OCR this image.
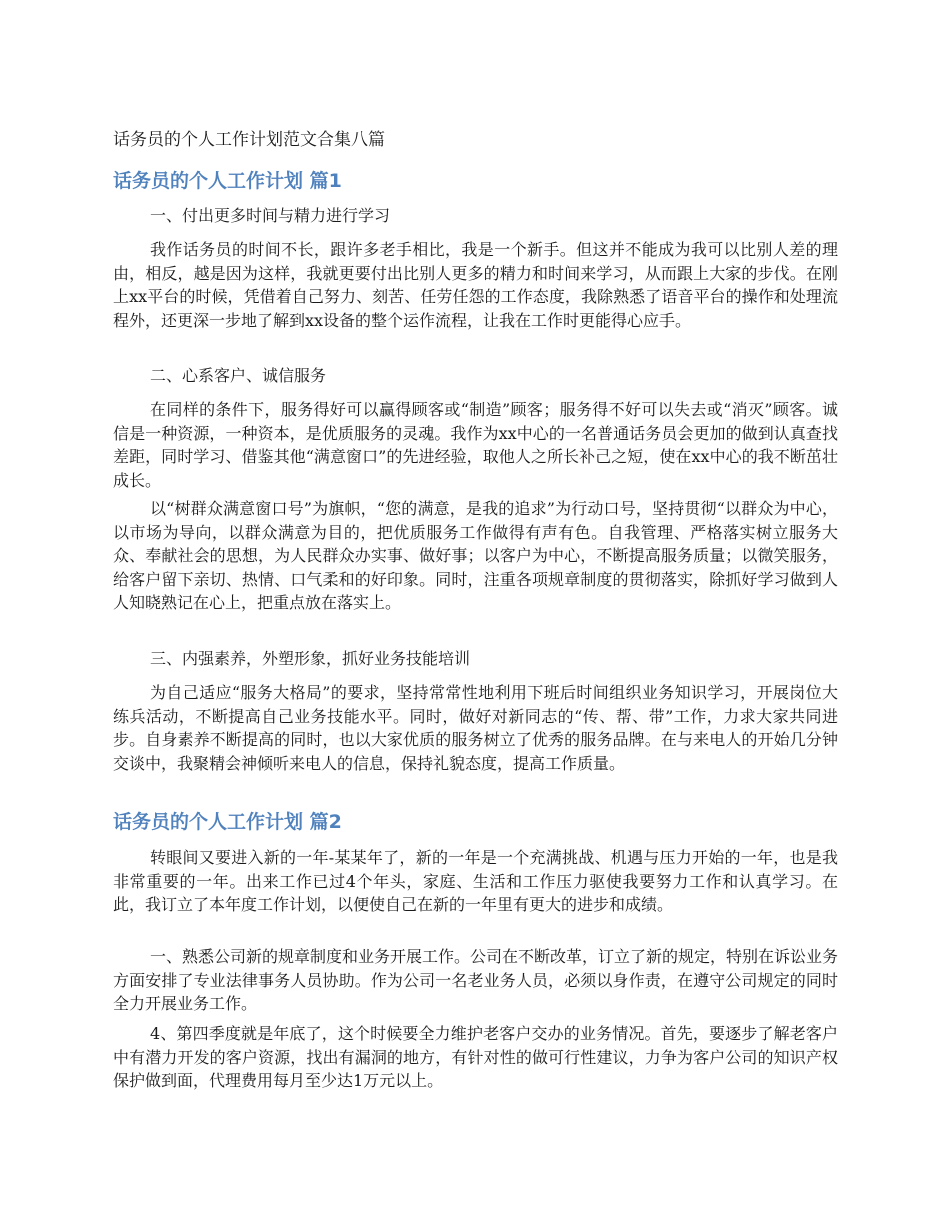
话务员的个人工作计划范文合集八篇
话务员的个人工作计划 篇1
一、付出更多时间与精力进行学习
我作话务员的时间不长，跟许多老手相比，我是一个新手。但这并不能成为我可以比别人差的理由，相反，越是因为这样，我就更要付出比别人更多的精力和时间来学习，从而跟上大家的步伐。在刚上xx平台的时候，凭借着自己努力、刻苦、任劳任怨的工作态度，我除熟悉了语音平台的操作和处理流程外，还更深一步地了解到xx设备的整个运作流程，让我在工作时更能得心应手。
二、心系客户、诚信服务
在同样的条件下，服务得好可以赢得顾客或“制造”顾客；服务得不好可以失去或“消灭”顾客。诚信是一种资源，一种资本，是优质服务的灵魂。我作为xx中心的一名普通话务员会更加的做到认真查找差距，同时学习、借鉴其他“满意窗口”的先进经验，取他人之所长补己之短，使在xx中心的我不断茁壮成长。
以“树群众满意窗口号”为旗帜，“您的满意，是我的追求”为行动口号，坚持贯彻“以群众为中心，以市场为导向，以群众满意为目的，把优质服务工作做得有声有色。自我管理、严格落实树立服务大众、奉献社会的思想，为人民群众办实事、做好事；以客户为中心，不断提高服务质量；以微笑服务，给客户留下亲切、热情、口气柔和的好印象。同时，注重各项规章制度的贯彻落实，除抓好学习做到人人知晓熟记在心上，把重点放在落实上。
三、内强素养，外塑形象，抓好业务技能培训
为自己适应“服务大格局”的要求，坚持常常性地利用下班后时间组织业务知识学习，开展岗位大练兵活动，不断提高自己业务技能水平。同时，做好对新同志的“传、帮、带”工作，力求大家共同进步。自身素养不断提高的同时，也以大家优质的服务树立了优秀的服务品牌。在与来电人的开始几分钟交谈中，我聚精会神倾听来电人的信息，保持礼貌态度，提高工作质量。
话务员的个人工作计划 篇2
转眼间又要进入新的一年-某某年了，新的一年是一个充满挑战、机遇与压力开始的一年，也是我非常重要的一年。出来工作已过4个年头，家庭、生活和工作压力驱使我要努力工作和认真学习。在此，我订立了本年度工作计划，以便使自己在新的一年里有更大的进步和成绩。
一、熟悉公司新的规章制度和业务开展工作。公司在不断改革，订立了新的规定，特别在诉讼业务方面安排了专业法律事务人员协助。作为公司一名老业务人员，必须以身作责，在遵守公司规定的同时全力开展业务工作。
4、第四季度就是年底了，这个时候要全力维护老客户交办的业务情况。首先，要逐步了解老客户中有潜力开发的客户资源，找出有漏洞的地方，有针对性的做可行性建议，力争为客户公司的知识产权保护做到面，代理费用每月至少达1万元以上。
